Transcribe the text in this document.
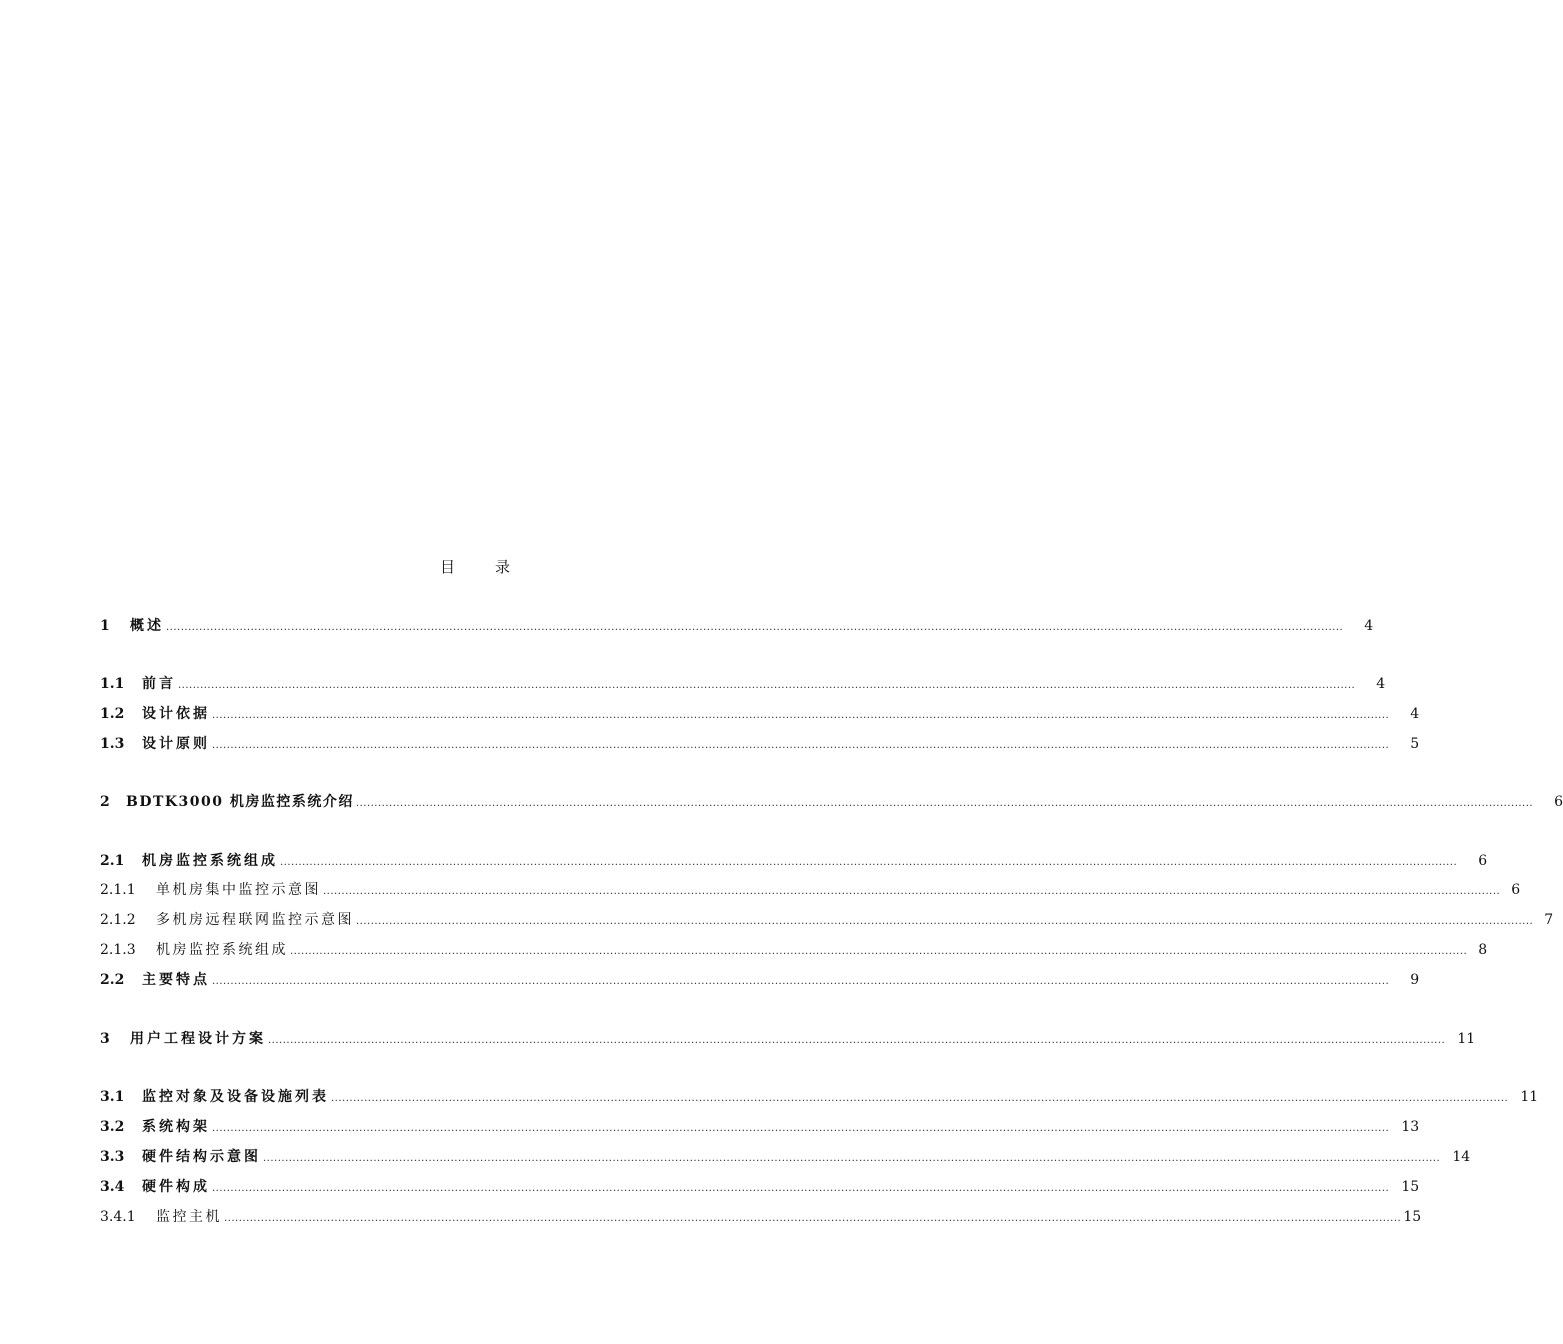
目	录
1	概述 ................................................................................................................................................................................................................................................................................................................................	4
1.1	前言 ................................................................................................................................................................................................................................................................................................................................	4
1.2	设计依据 ................................................................................................................................................................................................................................................................................................................................	4
1.3	设计原则 ................................................................................................................................................................................................................................................................................................................................	5
2	BDTK3000 机房监控系统介绍 ................................................................................................................................................................................................................................................................................................................................	6
2.1	机房监控系统组成 ................................................................................................................................................................................................................................................................................................................................	6
2.1.1	单机房集中监控示意图 ................................................................................................................................................................................................................................................................................................................................ 6
2.1.2	多机房远程联网监控示意图 ................................................................................................................................................................................................................................................................................................................................ 7
2.1.3	机房监控系统组成 ................................................................................................................................................................................................................................................................................................................................ 8
2.2	主要特点 ................................................................................................................................................................................................................................................................................................................................	9
3	用户工程设计方案 ................................................................................................................................................................................................................................................................................................................................ 11
3.1	监控对象及设备设施列表 ................................................................................................................................................................................................................................................................................................................................ 11
3.2	系统构架 ................................................................................................................................................................................................................................................................................................................................ 13
3.3	硬件结构示意图 ................................................................................................................................................................................................................................................................................................................................ 14
3.4	硬件构成 ................................................................................................................................................................................................................................................................................................................................ 15
3.4.1	监控主机 ................................................................................................................................................................................................................................................................................................................................ 15
